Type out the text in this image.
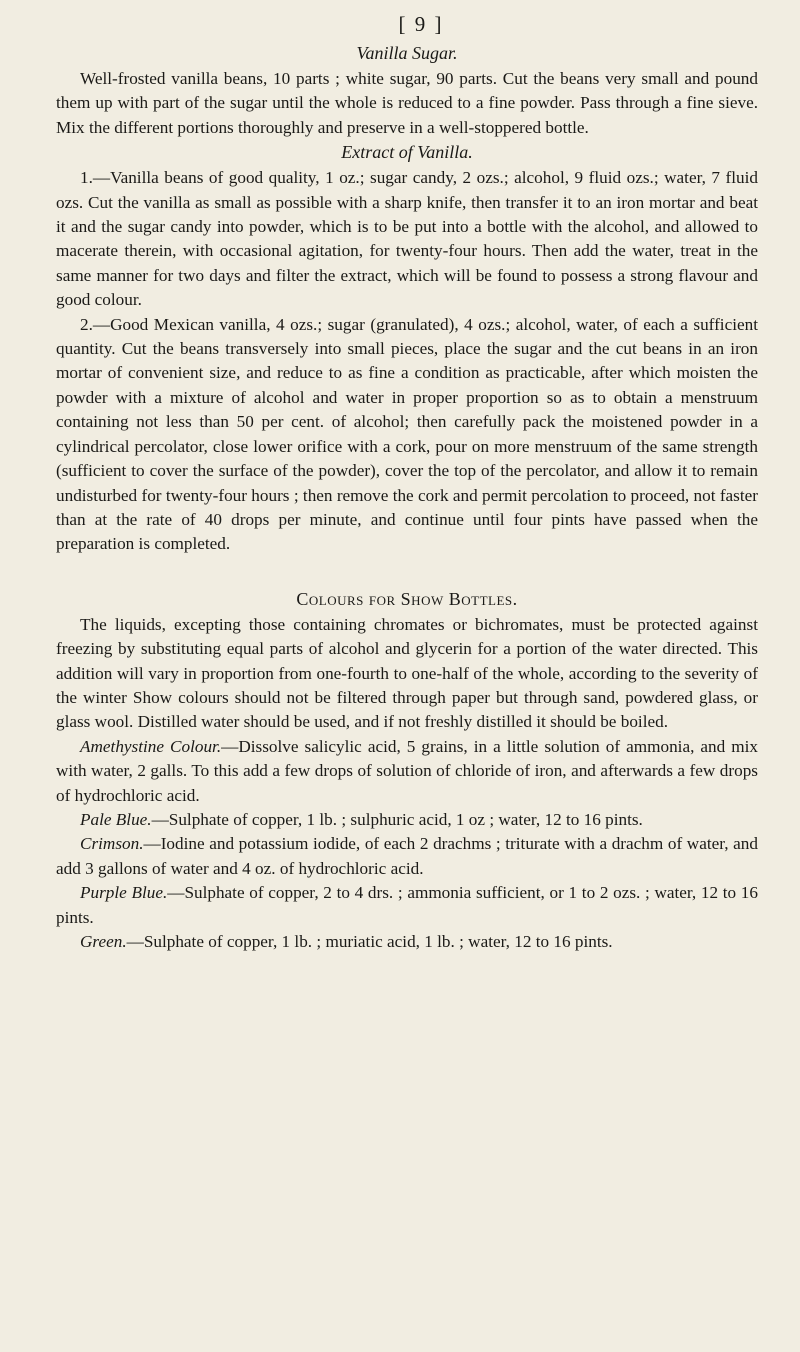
[ 9 ]
Vanilla Sugar.

Well-frosted vanilla beans, 10 parts ; white sugar, 90 parts. Cut the beans very small and pound them up with part of the sugar until the whole is reduced to a fine powder. Pass through a fine sieve. Mix the different portions thoroughly and preserve in a well-stoppered bottle.

Extract of Vanilla.

1.—Vanilla beans of good quality, 1 oz.; sugar candy, 2 ozs.; alcohol, 9 fluid ozs.; water, 7 fluid ozs. Cut the vanilla as small as possible with a sharp knife, then transfer it to an iron mortar and beat it and the sugar candy into powder, which is to be put into a bottle with the alcohol, and allowed to macerate therein, with occasional agitation, for twenty-four hours. Then add the water, treat in the same manner for two days and filter the extract, which will be found to possess a strong flavour and good colour.

2.—Good Mexican vanilla, 4 ozs.; sugar (granulated), 4 ozs.; alcohol, water, of each a sufficient quantity. Cut the beans transversely into small pieces, place the sugar and the cut beans in an iron mortar of convenient size, and reduce to as fine a condition as practicable, after which moisten the powder with a mixture of alcohol and water in proper proportion so as to obtain a menstruum containing not less than 50 per cent. of alcohol; then carefully pack the moistened powder in a cylindrical percolator, close lower orifice with a cork, pour on more menstruum of the same strength (sufficient to cover the surface of the powder), cover the top of the percolator, and allow it to remain undisturbed for twenty-four hours ; then remove the cork and permit percolation to proceed, not faster than at the rate of 40 drops per minute, and continue until four pints have passed when the preparation is completed.

Colours for Show Bottles.

The liquids, excepting those containing chromates or bichromates, must be protected against freezing by substituting equal parts of alcohol and glycerin for a portion of the water directed. This addition will vary in proportion from one-fourth to one-half of the whole, according to the severity of the winter Show colours should not be filtered through paper but through sand, powdered glass, or glass wool. Distilled water should be used, and if not freshly distilled it should be boiled.

Amethystine Colour.—Dissolve salicylic acid, 5 grains, in a little solution of ammonia, and mix with water, 2 galls. To this add a few drops of solution of chloride of iron, and afterwards a few drops of hydrochloric acid.

Pale Blue.—Sulphate of copper, 1 lb. ; sulphuric acid, 1 oz ; water, 12 to 16 pints.

Crimson.—Iodine and potassium iodide, of each 2 drachms ; triturate with a drachm of water, and add 3 gallons of water and 4 oz. of hydrochloric acid.

Purple Blue.—Sulphate of copper, 2 to 4 drs. ; ammonia sufficient, or 1 to 2 ozs. ; water, 12 to 16 pints.

Green.—Sulphate of copper, 1 lb. ; muriatic acid, 1 lb. ; water, 12 to 16 pints.
